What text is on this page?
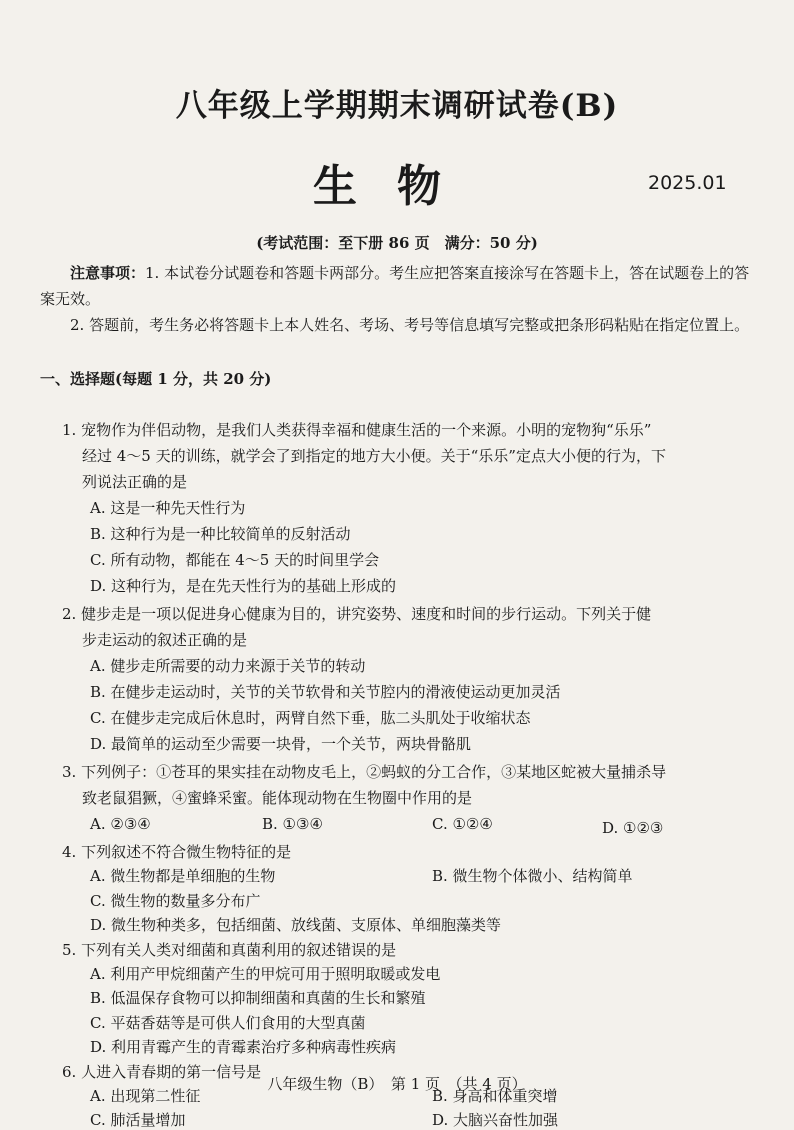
八年级上学期期末调研试卷(B)
生物	2025.01
(考试范围：至下册 86 页　满分：50 分)
注意事项：1. 本试卷分试题卷和答题卡两部分。考生应把答案直接涂写在答题卡上，答在试题卷上的答案无效。
2. 答题前，考生务必将答题卡上本人姓名、考场、考号等信息填写完整或把条形码粘贴在指定位置上。
一、选择题(每题 1 分，共 20 分)
1. 宠物作为伴侣动物，是我们人类获得幸福和健康生活的一个来源。小明的宠物狗“乐乐”
经过 4～5 天的训练，就学会了到指定的地方大小便。关于“乐乐”定点大小便的行为，下
列说法正确的是
A. 这是一种先天性行为
B. 这种行为是一种比较简单的反射活动
C. 所有动物，都能在 4～5 天的时间里学会
D. 这种行为，是在先天性行为的基础上形成的
2. 健步走是一项以促进身心健康为目的，讲究姿势、速度和时间的步行运动。下列关于健
步走运动的叙述正确的是
A. 健步走所需要的动力来源于关节的转动
B. 在健步走运动时，关节的关节软骨和关节腔内的滑液使运动更加灵活
C. 在健步走完成后休息时，两臂自然下垂，肱二头肌处于收缩状态
D. 最简单的运动至少需要一块骨，一个关节，两块骨骼肌
3. 下列例子：①苍耳的果实挂在动物皮毛上，②蚂蚁的分工合作，③某地区蛇被大量捕杀导
致老鼠猖獗，④蜜蜂采蜜。能体现动物在生物圈中作用的是
A. ②③④	B. ①③④	C. ①②④	D. ①②③
4. 下列叙述不符合微生物特征的是
A. 微生物都是单细胞的生物	B. 微生物个体微小、结构简单
C. 微生物的数量多分布广
D. 微生物种类多，包括细菌、放线菌、支原体、单细胞藻类等
5. 下列有关人类对细菌和真菌利用的叙述错误的是
A. 利用产甲烷细菌产生的甲烷可用于照明取暖或发电
B. 低温保存食物可以抑制细菌和真菌的生长和繁殖
C. 平菇香菇等是可供人们食用的大型真菌
D. 利用青霉产生的青霉素治疗多种病毒性疾病
八年级生物（B）　第 1 页　（共 4 页）
6. 人进入青春期的第一信号是
A. 出现第二性征	B. 身高和体重突增
C. 肺活量增加	D. 大脑兴奋性加强
